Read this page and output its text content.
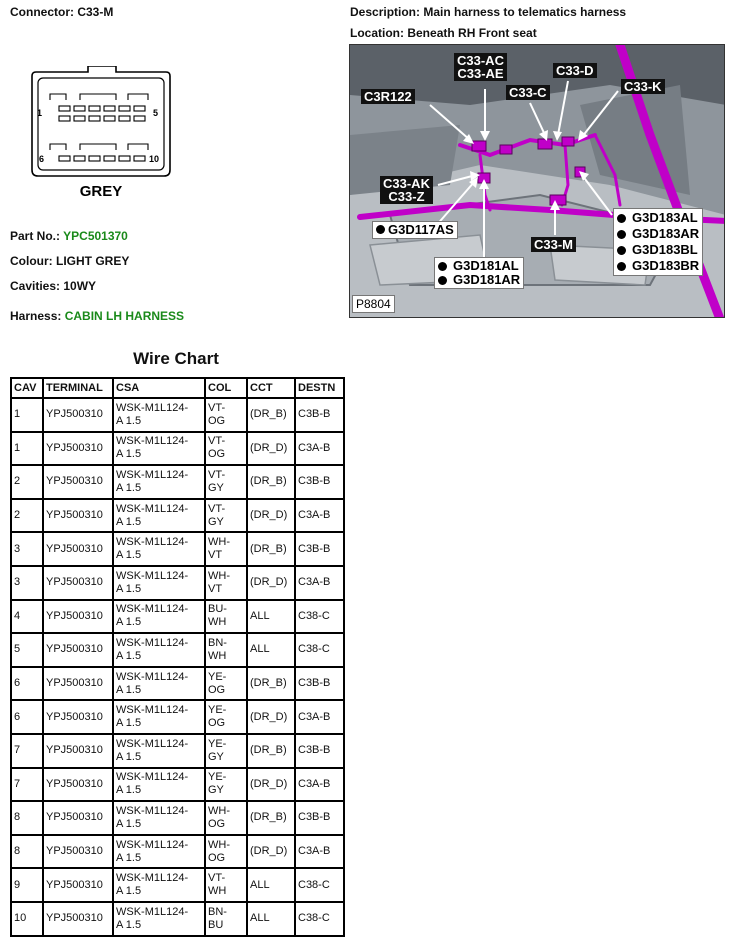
Connector: C33-M	Description: Main harness to telematics harness
Location: Beneath RH Front seat
1	5
6	10
GREY
Part No.: YPC501370
Colour: LIGHT GREY
Cavities: 10WY
Harness: CABIN LH HARNESS
C33-AC
C33-AE	C33-D
C33-C
C3R122
C33-K
C33-AK
C33-Z
G3D117AS
G3D183AL
G3D183AR
G3D183BL
G3D183BR
C33-M
G3D181AL
G3D181AR
P8804
Wire Chart
CAV	TERMINAL	CSA	COL	CCT	DESTN
1	YPJ500310	WSK-M1L124-
A 1.5	VT-
OG	(DR_B)	C3B-B
1	YPJ500310	WSK-M1L124-
A 1.5	VT-
OG	(DR_D)	C3A-B
2	YPJ500310	WSK-M1L124-
A 1.5	VT-
GY	(DR_B)	C3B-B
2	YPJ500310	WSK-M1L124-
A 1.5	VT-
GY	(DR_D)	C3A-B
3	YPJ500310	WSK-M1L124-
A 1.5	WH-
VT	(DR_B)	C3B-B
3	YPJ500310	WSK-M1L124-
A 1.5	WH-
VT	(DR_D)	C3A-B
4	YPJ500310	WSK-M1L124-
A 1.5	BU-
WH	ALL	C38-C
5	YPJ500310	WSK-M1L124-
A 1.5	BN-
WH	ALL	C38-C
6	YPJ500310	WSK-M1L124-
A 1.5	YE-
OG	(DR_B)	C3B-B
6	YPJ500310	WSK-M1L124-
A 1.5	YE-
OG	(DR_D)	C3A-B
7	YPJ500310	WSK-M1L124-
A 1.5	YE-
GY	(DR_B)	C3B-B
7	YPJ500310	WSK-M1L124-
A 1.5	YE-
GY	(DR_D)	C3A-B
8	YPJ500310	WSK-M1L124-
A 1.5	WH-
OG	(DR_B)	C3B-B
8	YPJ500310	WSK-M1L124-
A 1.5	WH-
OG	(DR_D)	C3A-B
9	YPJ500310	WSK-M1L124-
A 1.5	VT-
WH	ALL	C38-C
10	YPJ500310	WSK-M1L124-
A 1.5	BN-
BU	ALL	C38-C
